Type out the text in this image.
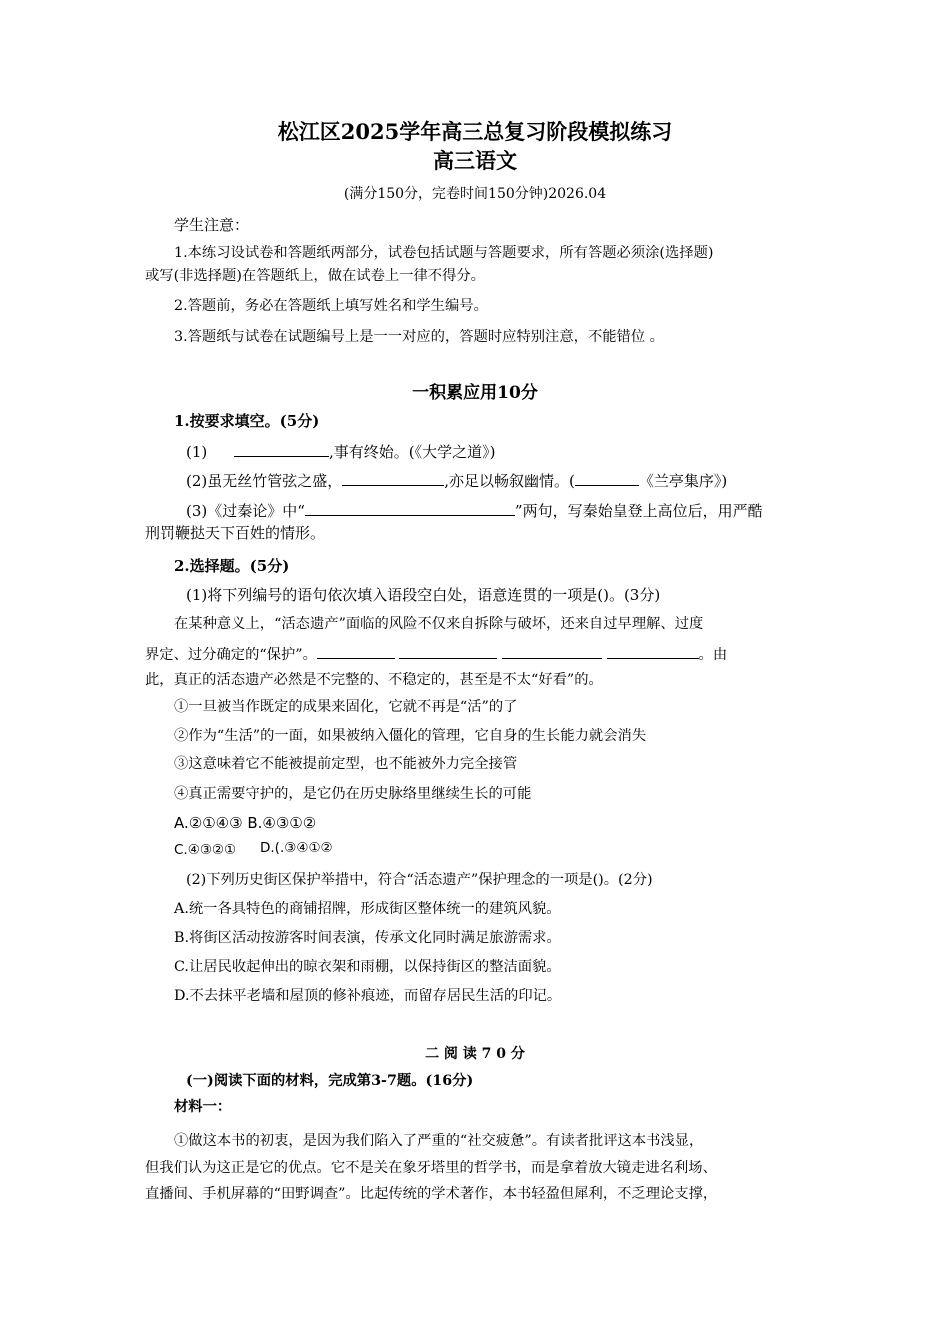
松江区2025学年高三总复习阶段模拟练习
高三语文
(满分150分，完卷时间150分钟)2026.04
学生注意：
1.本练习设试卷和答题纸两部分，试卷包括试题与答题要求，所有答题必须涂(选择题)
或写(非选择题)在答题纸上，做在试卷上一律不得分。
2.答题前，务必在答题纸上填写姓名和学生编号。
3.答题纸与试卷在试题编号上是一一对应的，答题时应特别注意，不能错位 。
一积累应用10分
1.按要求填空。(5分)
(1)	,事有终始。(《大学之道》)
(2)虽无丝竹管弦之盛，	,亦足以畅叙幽情。(	《兰亭集序》)
(3)《过秦论》中“	”两句，写秦始皇登上高位后，用严酷
刑罚鞭挞天下百姓的情形。
2.选择题。(5分)
(1)将下列编号的语句依次填入语段空白处，语意连贯的一项是()。(3分)
在某种意义上，“活态遗产”面临的风险不仅来自拆除与破坏，还来自过早理解、过度
界定、过分确定的“保护”。	。由
此，真正的活态遗产必然是不完整的、不稳定的，甚至是不太“好看”的。
①一旦被当作既定的成果来固化，它就不再是“活”的了
②作为“生活”的一面，如果被纳入僵化的管理，它自身的生长能力就会消失
③这意味着它不能被提前定型，也不能被外力完全接管
④真正需要守护的，是它仍在历史脉络里继续生长的可能
A.②①④③ B.④③①②
C.④③②① D.(.③④①②
(2)下列历史街区保护举措中，符合“活态遗产”保护理念的一项是()。(2分)
A.统一各具特色的商铺招牌，形成街区整体统一的建筑风貌。
B.将街区活动按游客时间表演，传承文化同时满足旅游需求。
C.让居民收起伸出的晾衣架和雨棚，以保持街区的整洁面貌。
D.不去抹平老墙和屋顶的修补痕迹，而留存居民生活的印记。
二 阅 读 7 0 分
(一)阅读下面的材料，完成第3-7题。(16分)
材料一：
①做这本书的初衷，是因为我们陷入了严重的“社交疲惫”。有读者批评这本书浅显，
但我们认为这正是它的优点。它不是关在象牙塔里的哲学书，而是拿着放大镜走进名利场、
直播间、手机屏幕的“田野调查”。比起传统的学术著作，本书轻盈但犀利，不乏理论支撑，
